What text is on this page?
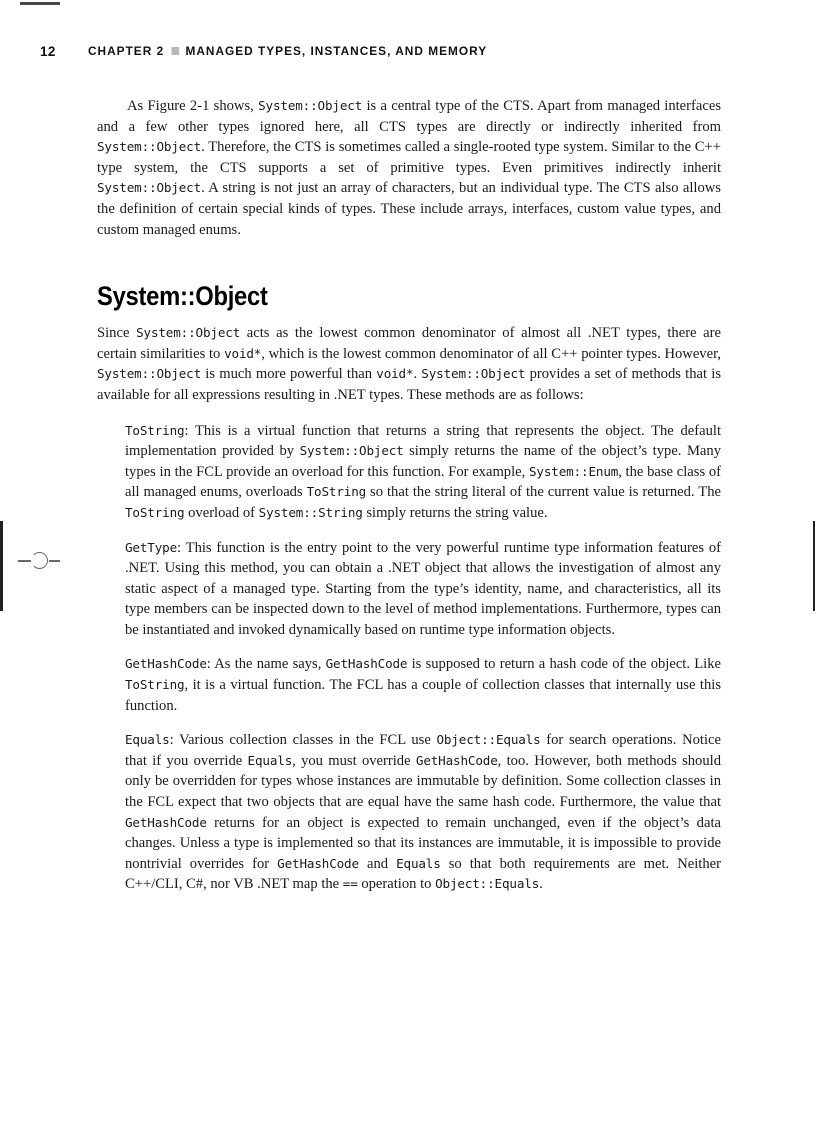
12	CHAPTER 2 MANAGED TYPES, INSTANCES, AND MEMORY

As Figure 2-1 shows, System::Object is a central type of the CTS. Apart from managed interfaces and a few other types ignored here, all CTS types are directly or indirectly inherited from System::Object. Therefore, the CTS is sometimes called a single-rooted type system. Similar to the C++ type system, the CTS supports a set of primitive types. Even primitives indirectly inherit System::Object. A string is not just an array of characters, but an individual type. The CTS also allows the definition of certain special kinds of types. These include arrays, interfaces, custom value types, and custom managed enums.

System::Object

Since System::Object acts as the lowest common denominator of almost all .NET types, there are certain similarities to void*, which is the lowest common denominator of all C++ pointer types. However, System::Object is much more powerful than void*. System::Object provides a set of methods that is available for all expressions resulting in .NET types. These methods are as follows:

ToString: This is a virtual function that returns a string that represents the object. The default implementation provided by System::Object simply returns the name of the object’s type. Many types in the FCL provide an overload for this function. For example, System::Enum, the base class of all managed enums, overloads ToString so that the string literal of the current value is returned. The ToString overload of System::String simply returns the string value.

GetType: This function is the entry point to the very powerful runtime type information features of .NET. Using this method, you can obtain a .NET object that allows the investigation of almost any static aspect of a managed type. Starting from the type’s identity, name, and characteristics, all its type members can be inspected down to the level of method implementations. Furthermore, types can be instantiated and invoked dynamically based on runtime type information objects.

GetHashCode: As the name says, GetHashCode is supposed to return a hash code of the object. Like ToString, it is a virtual function. The FCL has a couple of collection classes that internally use this function.

Equals: Various collection classes in the FCL use Object::Equals for search operations. Notice that if you override Equals, you must override GetHashCode, too. However, both methods should only be overridden for types whose instances are immutable by definition. Some collection classes in the FCL expect that two objects that are equal have the same hash code. Furthermore, the value that GetHashCode returns for an object is expected to remain unchanged, even if the object’s data changes. Unless a type is implemented so that its instances are immutable, it is impossible to provide nontrivial overrides for GetHashCode and Equals so that both requirements are met. Neither C++/CLI, C#, nor VB .NET map the == operation to Object::Equals.
